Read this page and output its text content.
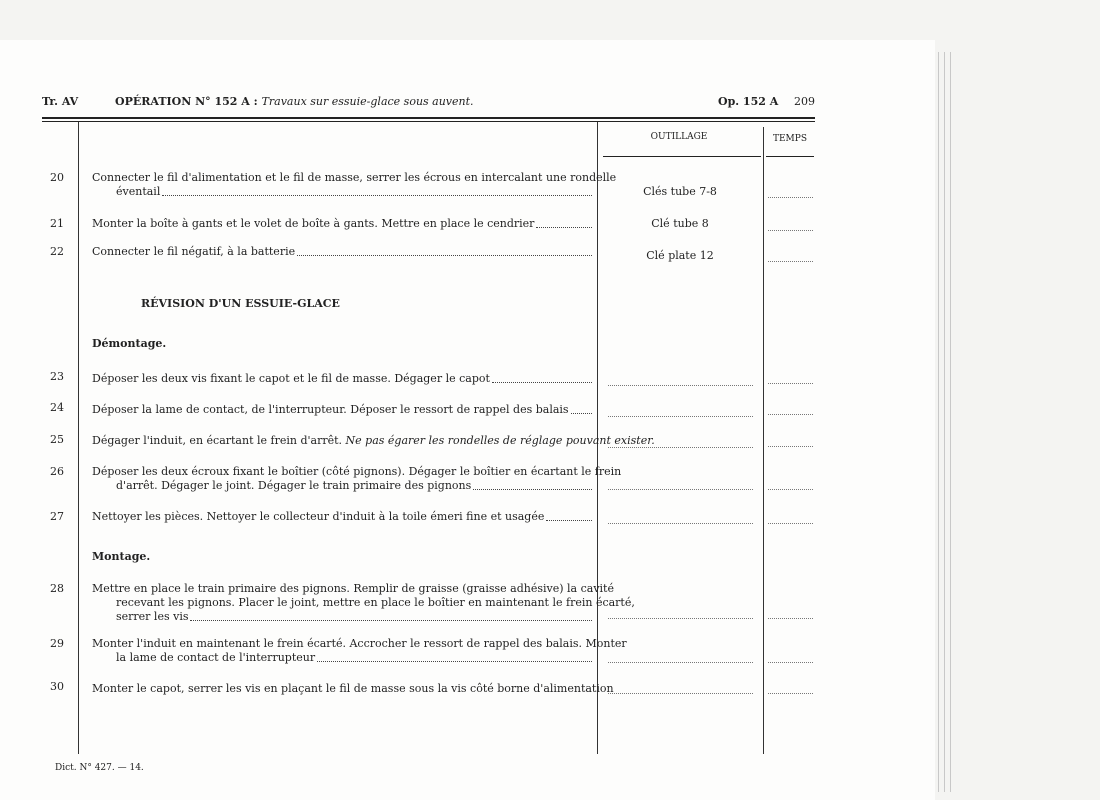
Tr. AV	OPÉRATION N° 152 A : Travaux sur essuie-glace sous auvent.	Op. 152 A 209
OUTILLAGE	TEMPS
20	Connecter le fil d'alimentation et le fil de masse, serrer les écrous en intercalant une rondelle
éventail	Clés tube 7-8
21	Monter la boîte à gants et le volet de boîte à gants. Mettre en place le cendrier	Clé tube 8
22	Connecter le fil négatif, à la batterie	Clé plate 12
RÉVISION D'UN ESSUIE-GLACE
Démontage.
23	Déposer les deux vis fixant le capot et le fil de masse. Dégager le capot
24	Déposer la lame de contact, de l'interrupteur. Déposer le ressort de rappel des balais
25	Dégager l'induit, en écartant le frein d'arrêt.
Ne pas égarer les rondelles de réglage pouvant exister.
26	Déposer les deux écroux fixant le boîtier (côté pignons). Dégager le boîtier en écartant le frein
d'arrêt. Dégager le joint. Dégager le train primaire des pignons
27	Nettoyer les pièces. Nettoyer le collecteur d'induit à la toile émeri fine et usagée
Montage.
28	Mettre en place le train primaire des pignons. Remplir de graisse (graisse adhésive) la cavité
recevant les pignons. Placer le joint, mettre en place le boîtier en maintenant le frein écarté,
serrer les vis
29	Monter l'induit en maintenant le frein écarté. Accrocher le ressort de rappel des balais. Monter
la lame de contact de l'interrupteur
30	Monter le capot, serrer les vis en plaçant le fil de masse sous la vis côté borne d'alimentation
Dict. N° 427. — 14.
